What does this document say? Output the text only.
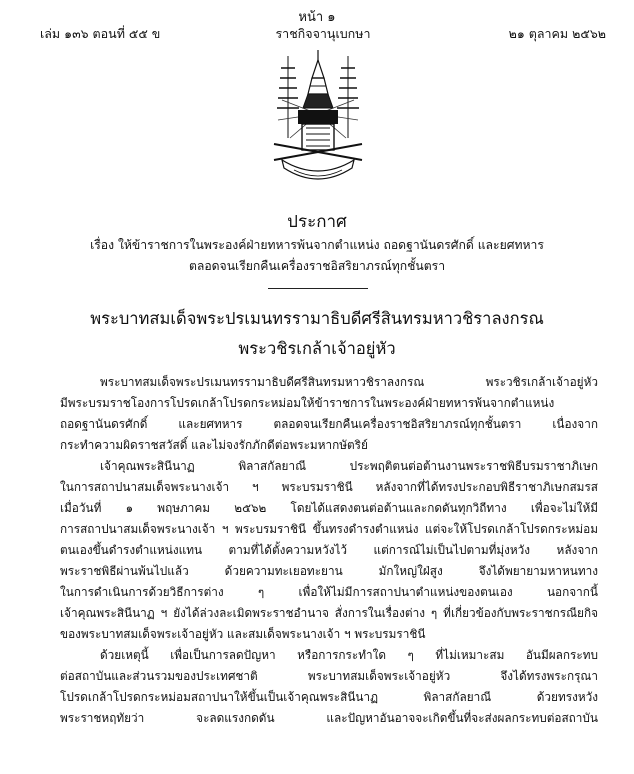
หน้า ๑
ราชกิจจานุเบกษา
เล่ม ๑๓๖ ตอนที่ ๕๕ ข	๒๑ ตุลาคม ๒๕๖๒
ประกาศ
เรื่อง ให้ข้าราชการในพระองค์ฝ่ายทหารพ้นจากตำแหน่ง ถอดฐานันดรศักดิ์ และยศทหาร
ตลอดจนเรียกคืนเครื่องราชอิสริยาภรณ์ทุกชั้นตรา
พระบาทสมเด็จพระปรเมนทรรามาธิบดีศรีสินทรมหาวชิราลงกรณ
พระวชิรเกล้าเจ้าอยู่หัว
พระบาทสมเด็จพระปรเมนทรรามาธิบดีศรีสินทรมหาวชิราลงกรณ พระวชิรเกล้าเจ้าอยู่หัว
มีพระบรมราชโองการโปรดเกล้าโปรดกระหม่อมให้ข้าราชการในพระองค์ฝ่ายทหารพ้นจากตำแหน่ง
ถอดฐานันดรศักดิ์ และยศทหาร ตลอดจนเรียกคืนเครื่องราชอิสริยาภรณ์ทุกชั้นตรา เนื่องจาก
กระทำความผิดราชสวัสดิ์ และไม่จงรักภักดีต่อพระมหากษัตริย์
เจ้าคุณพระสินีนาฏ พิลาสกัลยาณี ประพฤติตนต่อต้านงานพระราชพิธีบรมราชาภิเษก
ในการสถาปนาสมเด็จพระนางเจ้า ฯ พระบรมราชินี หลังจากที่ได้ทรงประกอบพิธีราชาภิเษกสมรส
เมื่อวันที่ ๑ พฤษภาคม ๒๕๖๒ โดยได้แสดงตนต่อต้านและกดดันทุกวิถีทาง เพื่อจะไม่ให้มี
การสถาปนาสมเด็จพระนางเจ้า ฯ พระบรมราชินี ขึ้นทรงดำรงตำแหน่ง แต่จะให้โปรดเกล้าโปรดกระหม่อม
ตนเองขึ้นดำรงตำแหน่งแทน ตามที่ได้ตั้งความหวังไว้ แต่การณ์ไม่เป็นไปตามที่มุ่งหวัง หลังจาก
พระราชพิธีผ่านพ้นไปแล้ว ด้วยความทะเยอทะยาน มักใหญ่ใฝ่สูง จึงได้พยายามหาหนทาง
ในการดำเนินการด้วยวิธีการต่าง ๆ เพื่อให้ไม่มีการสถาปนาตำแหน่งของตนเอง นอกจากนี้
เจ้าคุณพระสินีนาฏ ฯ ยังได้ล่วงละเมิดพระราชอำนาจ สั่งการในเรื่องต่าง ๆ ที่เกี่ยวข้องกับพระราชกรณียกิจ
ของพระบาทสมเด็จพระเจ้าอยู่หัว และสมเด็จพระนางเจ้า ฯ พระบรมราชินี
ด้วยเหตุนี้ เพื่อเป็นการลดปัญหา หรือการกระทำใด ๆ ที่ไม่เหมาะสม อันมีผลกระทบ
ต่อสถาบันและส่วนรวมของประเทศชาติ พระบาทสมเด็จพระเจ้าอยู่หัว จึงได้ทรงพระกรุณา
โปรดเกล้าโปรดกระหม่อมสถาปนาให้ขึ้นเป็นเจ้าคุณพระสินีนาฏ พิลาสกัลยาณี ด้วยทรงหวัง
พระราชหฤทัยว่า จะลดแรงกดดัน และปัญหาอันอาจจะเกิดขึ้นที่จะส่งผลกระทบต่อสถาบัน
